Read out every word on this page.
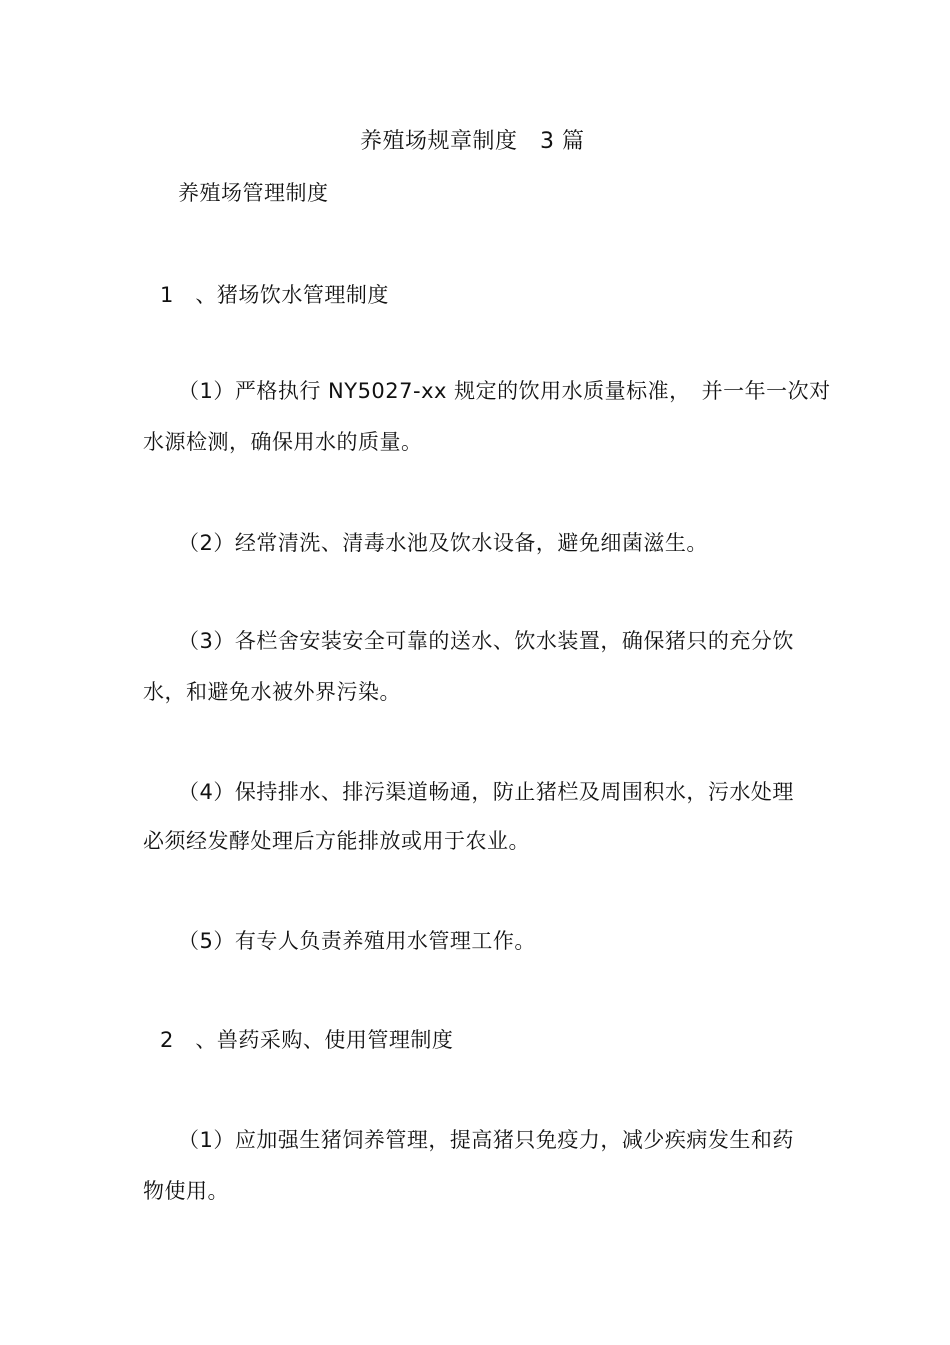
养殖场规章制度　3 篇
养殖场管理制度
1　、猪场饮水管理制度
（1）严格执行 NY5027-xx 规定的饮用水质量标准，　并一年一次对
水源检测，确保用水的质量。
（2）经常清洗、清毒水池及饮水设备，避免细菌滋生。
（3）各栏舍安装安全可靠的送水、饮水装置，确保猪只的充分饮
水，和避免水被外界污染。
（4）保持排水、排污渠道畅通，防止猪栏及周围积水，污水处理
必须经发酵处理后方能排放或用于农业。
（5）有专人负责养殖用水管理工作。
2　、兽药采购、使用管理制度
（1）应加强生猪饲养管理，提高猪只免疫力，减少疾病发生和药
物使用。
